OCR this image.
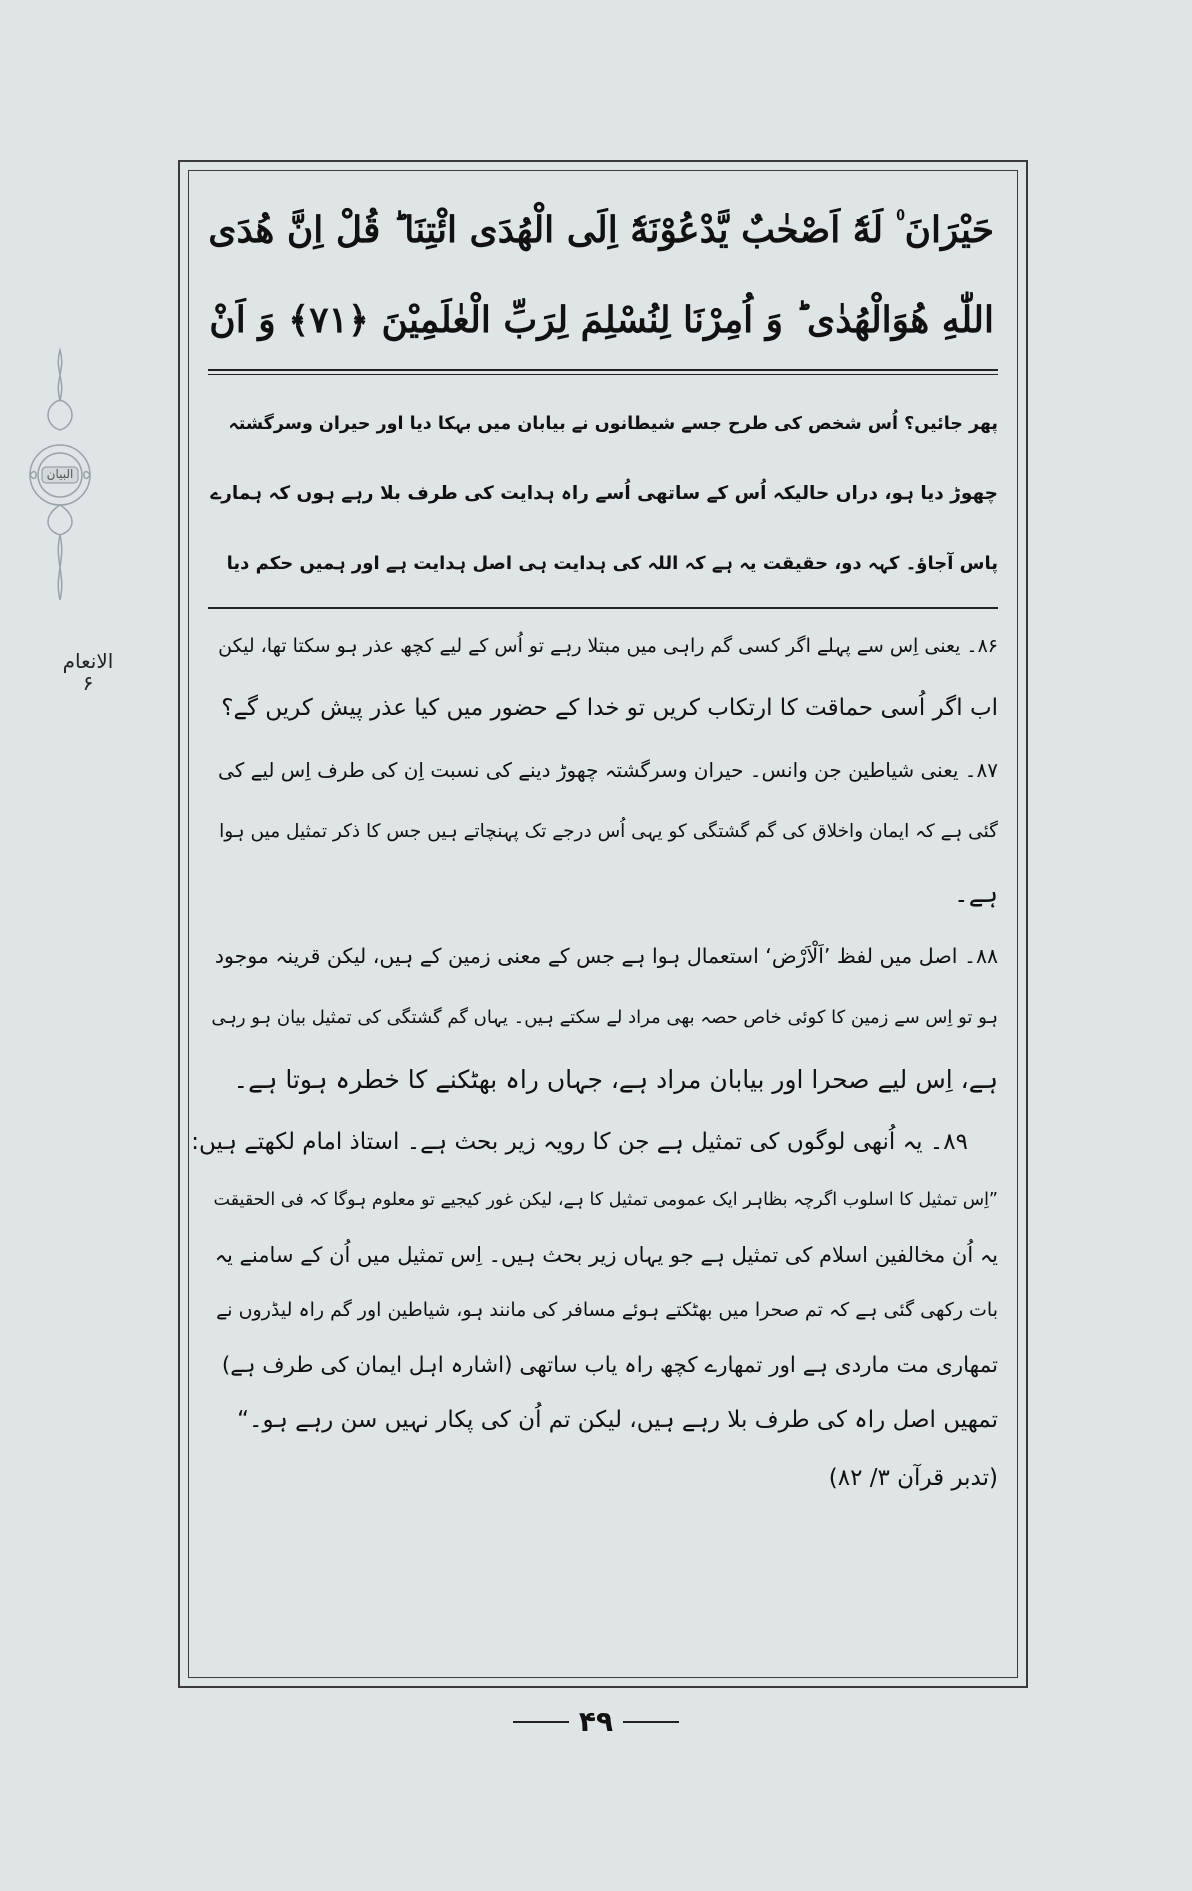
البیان
الانعام
۶
حَيْرَانَ ۠ لَهٗٓ اَصْحٰبٌ يَّدْعُوْنَهٗٓ اِلَى الْهُدَى ائْتِنَا ؕ قُلْ اِنَّ هُدَى
اللّٰهِ هُوَالْهُدٰى ؕ وَ اُمِرْنَا لِنُسْلِمَ لِرَبِّ الْعٰلَمِيْنَ ﴿۷۱﴾ وَ اَنْ
پھر جائیں؟ اُس شخص کی طرح جسے شیطانوں نے بیابان میں بہکا دیا اور حیران وسرگشتہ
چھوڑ دیا ہو، دراں حالیکہ اُس کے ساتھی اُسے راہ ہدایت کی طرف بلا رہے ہوں کہ ہمارے
پاس آجاؤ۔ کہہ دو، حقیقت یہ ہے کہ اللہ کی ہدایت ہی اصل ہدایت ہے اور ہمیں حکم دیا

۸۶۔ یعنی اِس سے پہلے اگر کسی گم راہی میں مبتلا رہے تو اُس کے لیے کچھ عذر ہو سکتا تھا، لیکن
اب اگر اُسی حماقت کا ارتکاب کریں تو خدا کے حضور میں کیا عذر پیش کریں گے؟

۸۷۔ یعنی شیاطین جن وانس۔ حیران وسرگشتہ چھوڑ دینے کی نسبت اِن کی طرف اِس لیے کی
گئی ہے کہ ایمان واخلاق کی گم گشتگی کو یہی اُس درجے تک پہنچاتے ہیں جس کا ذکر تمثیل میں ہوا
ہے۔

۸۸۔ اصل میں لفظ ’اَلْاَرْض‘ استعمال ہوا ہے جس کے معنی زمین کے ہیں، لیکن قرینہ موجود
ہو تو اِس سے زمین کا کوئی خاص حصہ بھی مراد لے سکتے ہیں۔ یہاں گم گشتگی کی تمثیل بیان ہو رہی
ہے، اِس لیے صحرا اور بیابان مراد ہے، جہاں راہ بھٹکنے کا خطرہ ہوتا ہے۔

۸۹۔ یہ اُنھی لوگوں کی تمثیل ہے جن کا رویہ زیر بحث ہے۔ استاذ امام لکھتے ہیں:

”اِس تمثیل کا اسلوب اگرچہ بظاہر ایک عمومی تمثیل کا ہے، لیکن غور کیجیے تو معلوم ہوگا کہ فی الحقیقت
یہ اُن مخالفین اسلام کی تمثیل ہے جو یہاں زیر بحث ہیں۔ اِس تمثیل میں اُن کے سامنے یہ
بات رکھی گئی ہے کہ تم صحرا میں بھٹکتے ہوئے مسافر کی مانند ہو، شیاطین اور گم راہ لیڈروں نے
تمھاری مت ماردی ہے اور تمھارے کچھ راہ یاب ساتھی (اشارہ اہل ایمان کی طرف ہے)
تمھیں اصل راہ کی طرف بلا رہے ہیں، لیکن تم اُن کی پکار نہیں سن رہے ہو۔“

(تدبر قرآن ۳/ ۸۲)

۴۹
